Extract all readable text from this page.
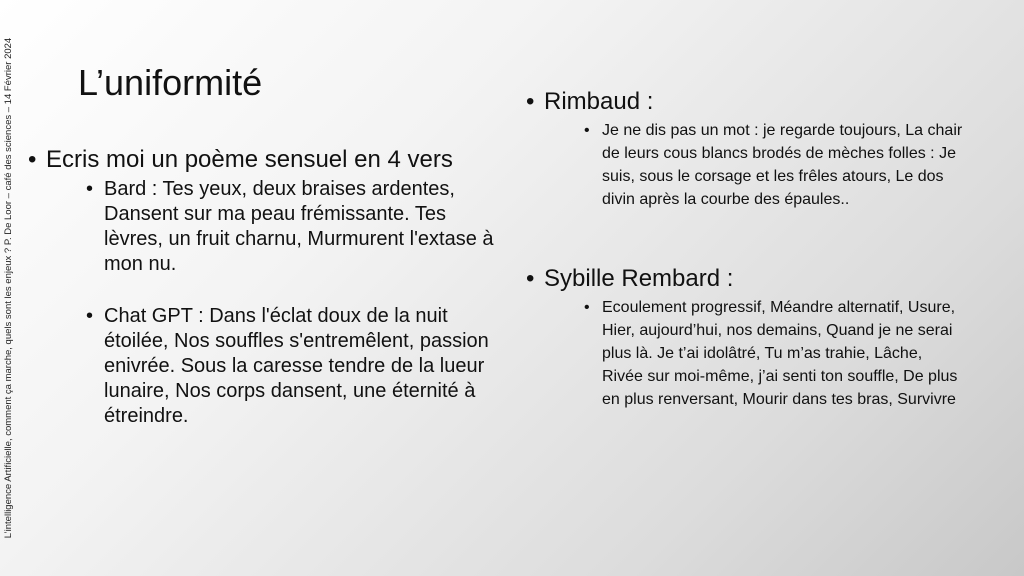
L’intelligence Artificielle, comment ça marche, quels sont les enjeux ? P. De Loor – café des sciences – 14 Février 2024 L’uniformité
• Ecris moi un poème sensuel en 4 vers
• Bard : Tes yeux, deux braises ardentes, Dansent sur ma peau frémissante. Tes lèvres, un fruit charnu, Murmurent l'extase à mon nu.
• Chat GPT : Dans l'éclat doux de la nuit étoilée, Nos souffles s'entremêlent, passion enivrée. Sous la caresse tendre de la lueur lunaire, Nos corps dansent, une éternité à étreindre.
• Rimbaud :
• Je ne dis pas un mot : je regarde toujours, La chair de leurs cous blancs brodés de mèches folles : Je suis, sous le corsage et les frêles atours, Le dos divin après la courbe des épaules..
• Sybille Rembard :
• Ecoulement progressif, Méandre alternatif, Usure, Hier, aujourd’hui, nos demains, Quand je ne serai plus là. Je t’ai idolâtré, Tu m’as trahie, Lâche, Rivée sur moi-même, j’ai senti ton souffle, De plus en plus renversant, Mourir dans tes bras, Survivre
